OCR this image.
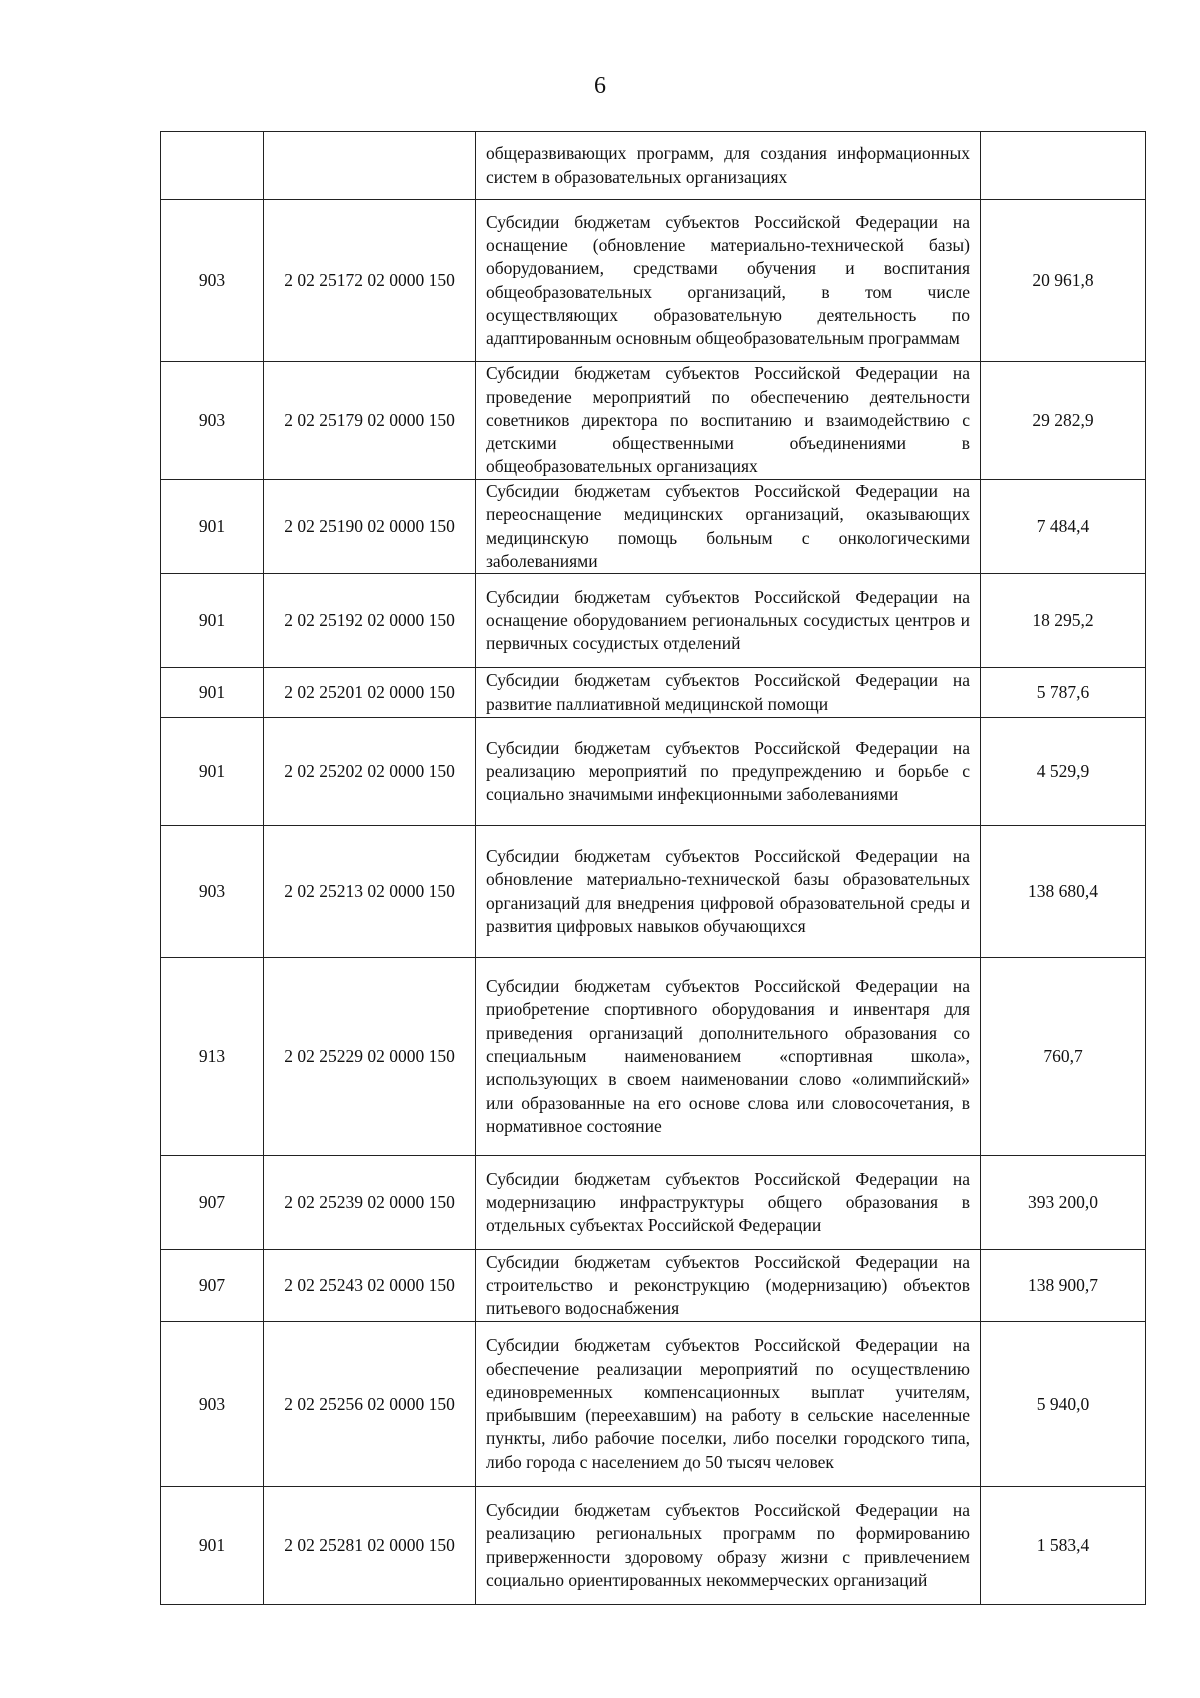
6
		общеразвивающих программ, для создания информационных систем в образовательных организациях	
903	2 02 25172 02 0000 150	Субсидии бюджетам субъектов Российской Федерации на оснащение (обновление материально-технической базы) оборудованием, средствами обучения и воспитания общеобразовательных организаций, в том числе осуществляющих образовательную деятельность по адаптированным основным общеобразовательным программам	20 961,8
903	2 02 25179 02 0000 150	Субсидии бюджетам субъектов Российской Федерации на проведение мероприятий по обеспечению деятельности советников директора по воспитанию и взаимодействию с детскими общественными объединениями в общеобразовательных организациях	29 282,9
901	2 02 25190 02 0000 150	Субсидии бюджетам субъектов Российской Федерации на переоснащение медицинских организаций, оказывающих медицинскую помощь больным с онкологическими заболеваниями	7 484,4
901	2 02 25192 02 0000 150	Субсидии бюджетам субъектов Российской Федерации на оснащение оборудованием региональных сосудистых центров и первичных сосудистых отделений	18 295,2
901	2 02 25201 02 0000 150	Субсидии бюджетам субъектов Российской Федерации на развитие паллиативной медицинской помощи	5 787,6
901	2 02 25202 02 0000 150	Субсидии бюджетам субъектов Российской Федерации на реализацию мероприятий по предупреждению и борьбе с социально значимыми инфекционными заболеваниями	4 529,9
903	2 02 25213 02 0000 150	Субсидии бюджетам субъектов Российской Федерации на обновление материально-технической базы образовательных организаций для внедрения цифровой образовательной среды и развития цифровых навыков обучающихся	138 680,4
913	2 02 25229 02 0000 150	Субсидии бюджетам субъектов Российской Федерации на приобретение спортивного оборудования и инвентаря для приведения организаций дополнительного образования со специальным наименованием «спортивная школа», использующих в своем наименовании слово «олимпийский» или образованные на его основе слова или словосочетания, в нормативное состояние	760,7
907	2 02 25239 02 0000 150	Субсидии бюджетам субъектов Российской Федерации на модернизацию инфраструктуры общего образования в отдельных субъектах Российской Федерации	393 200,0
907	2 02 25243 02 0000 150	Субсидии бюджетам субъектов Российской Федерации на строительство и реконструкцию (модернизацию) объектов питьевого водоснабжения	138 900,7
903	2 02 25256 02 0000 150	Субсидии бюджетам субъектов Российской Федерации на обеспечение реализации мероприятий по осуществлению единовременных компенсационных выплат учителям, прибывшим (переехавшим) на работу в сельские населенные пункты, либо рабочие поселки, либо поселки городского типа, либо города с населением до 50 тысяч человек	5 940,0
901	2 02 25281 02 0000 150	Субсидии бюджетам субъектов Российской Федерации на реализацию региональных программ по формированию приверженности здоровому образу жизни с привлечением социально ориентированных некоммерческих организаций	1 583,4
